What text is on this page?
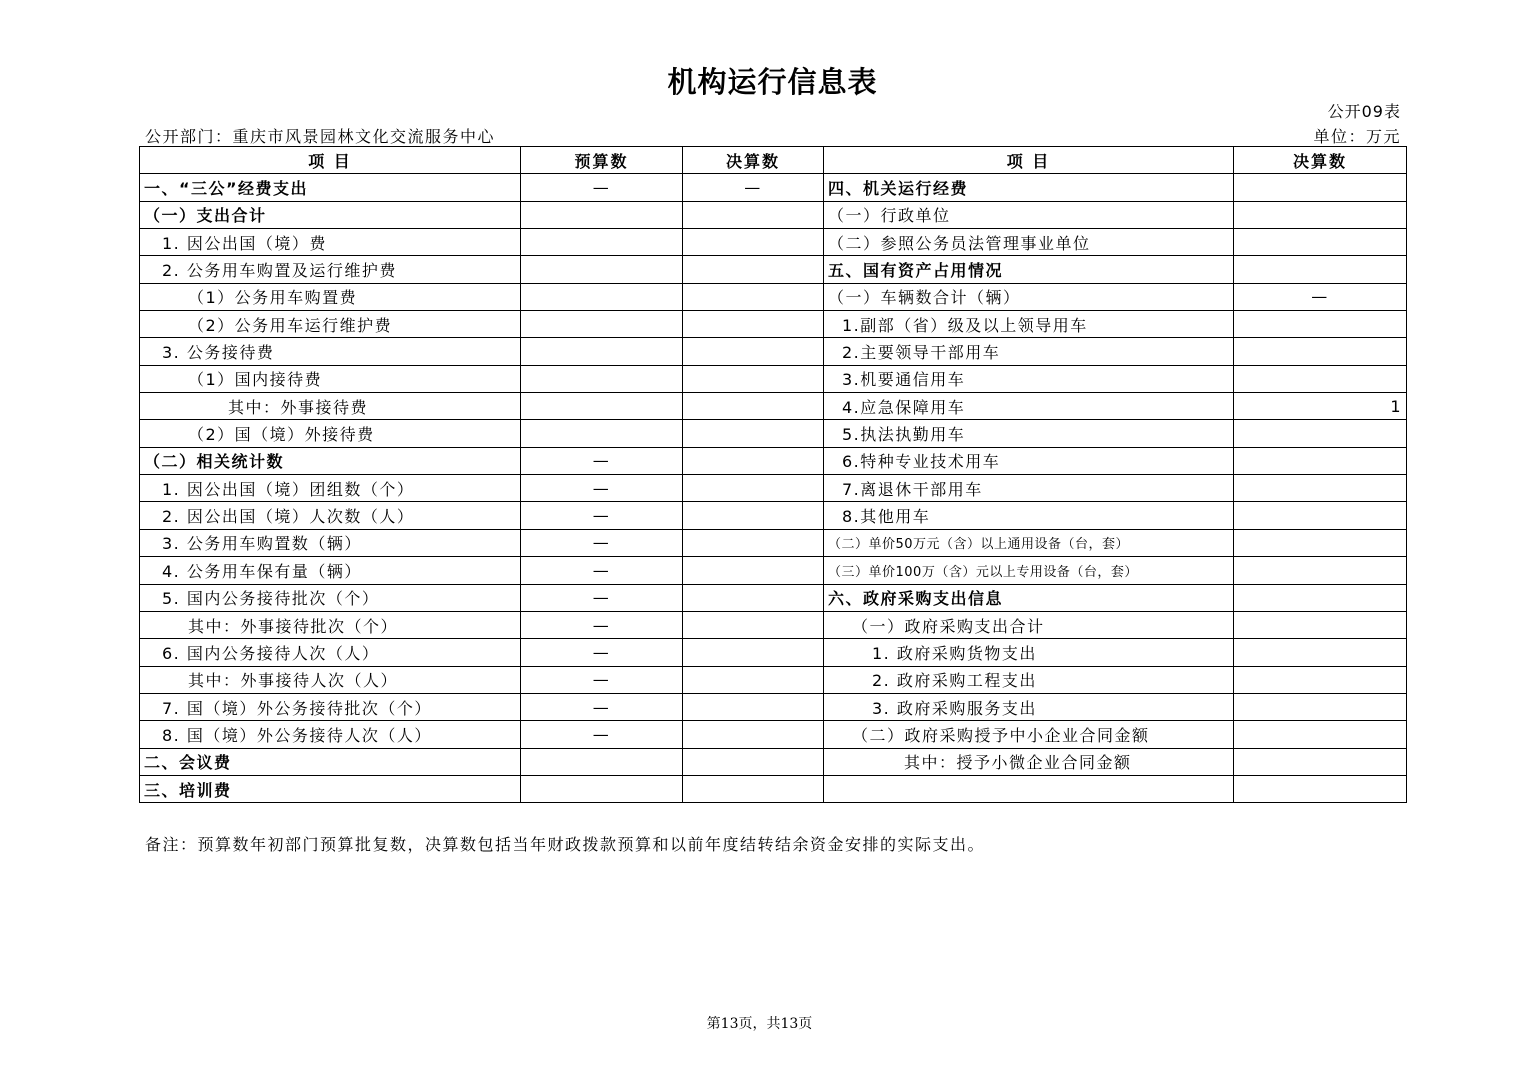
机构运行信息表
公开09表
公开部门：重庆市风景园林文化交流服务中心	单位：万元
项 目	预算数	决算数	项 目	决算数
一、“三公”经费支出	—	—	四、机关运行经费	
（一）支出合计			（一）行政单位	
1. 因公出国（境）费			（二）参照公务员法管理事业单位	
2. 公务用车购置及运行维护费			五、国有资产占用情况	
（1）公务用车购置费			（一）车辆数合计（辆）	—
（2）公务用车运行维护费			1.副部（省）级及以上领导用车	
3. 公务接待费			2.主要领导干部用车	
（1）国内接待费			3.机要通信用车	
其中：外事接待费			4.应急保障用车	1
（2）国（境）外接待费			5.执法执勤用车	
（二）相关统计数	—		6.特种专业技术用车	
1. 因公出国（境）团组数（个）	—		7.离退休干部用车	
2. 因公出国（境）人次数（人）	—		8.其他用车	
3. 公务用车购置数（辆）	—		（二）单价50万元（含）以上通用设备（台，套）	
4. 公务用车保有量（辆）	—		（三）单价100万（含）元以上专用设备（台，套）	
5. 国内公务接待批次（个）	—		六、政府采购支出信息	
其中：外事接待批次（个）	—		（一）政府采购支出合计	
6. 国内公务接待人次（人）	—		1. 政府采购货物支出	
其中：外事接待人次（人）	—		2. 政府采购工程支出	
7. 国（境）外公务接待批次（个）	—		3. 政府采购服务支出	
8. 国（境）外公务接待人次（人）	—		（二）政府采购授予中小企业合同金额	
二、会议费			其中：授予小微企业合同金额	
三、培训费				
备注：预算数年初部门预算批复数，决算数包括当年财政拨款预算和以前年度结转结余资金安排的实际支出。
第13页，共13页
